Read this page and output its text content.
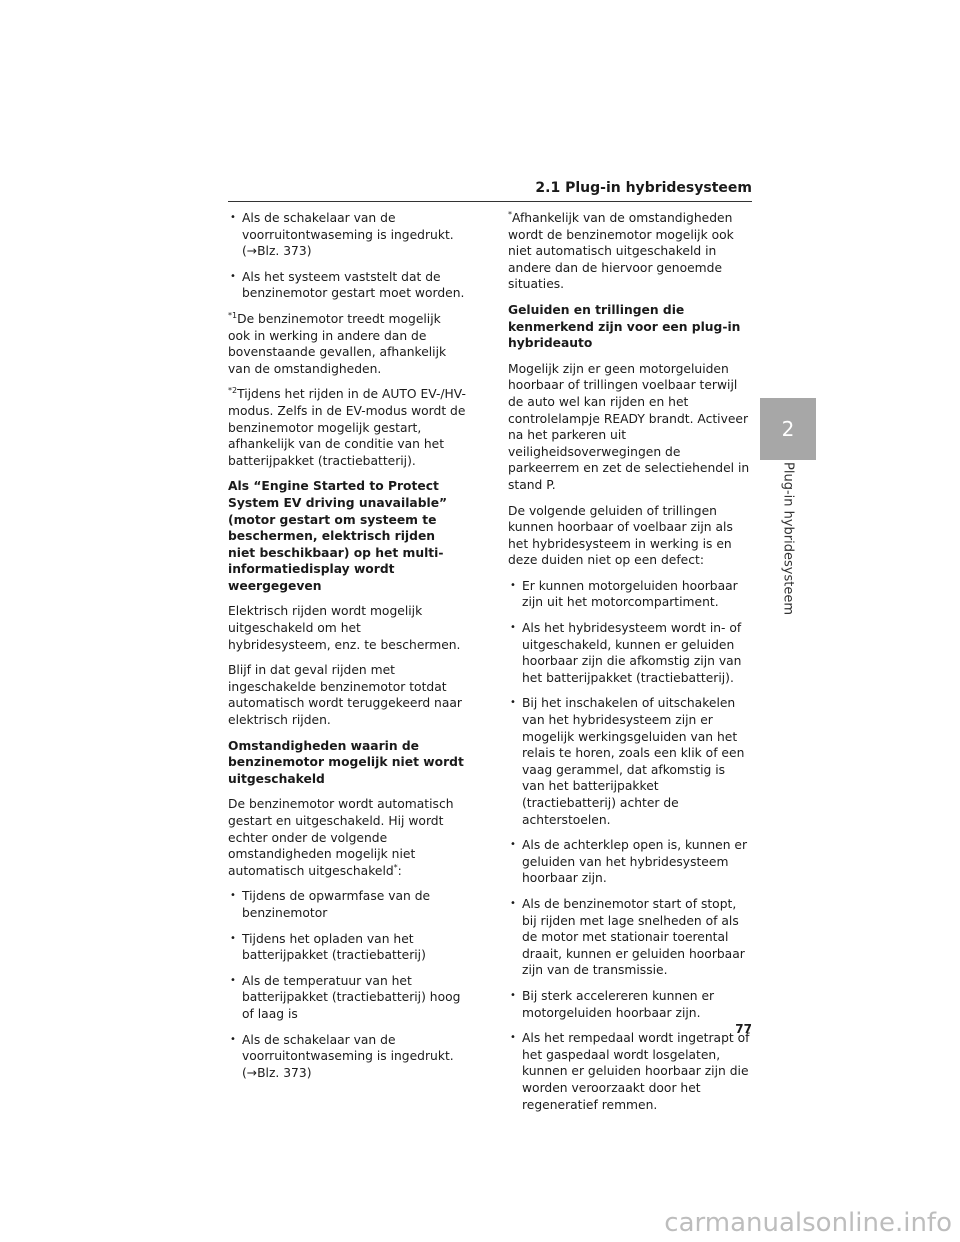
2.1 Plug-in hybridesysteem
• Als de schakelaar van de voorruitontwaseming is ingedrukt. (→Blz. 373)
• Als het systeem vaststelt dat de benzinemotor gestart moet worden.

$^{*1}$De benzinemotor treedt mogelijk ook in werking in andere dan de bovenstaande gevallen, afhankelijk van de omstandigheden.

$^{*2}$Tijdens het rijden in de AUTO EV-/HV-modus. Zelfs in de EV-modus wordt de benzinemotor mogelijk gestart, afhankelijk van de conditie van het batterijpakket (tractiebatterij).

Als “Engine Started to Protect System EV driving unavailable” (motor gestart om systeem te beschermen, elektrisch rijden niet beschikbaar) op het multi-informatiedisplay wordt weergegeven

Elektrisch rijden wordt mogelijk uitgeschakeld om het hybridesysteem, enz. te beschermen.

Blijf in dat geval rijden met ingeschakelde benzinemotor totdat automatisch wordt teruggekeerd naar elektrisch rijden.

Omstandigheden waarin de benzinemotor mogelijk niet wordt uitgeschakeld

De benzinemotor wordt automatisch gestart en uitgeschakeld. Hij wordt echter onder de volgende omstandigheden mogelijk niet automatisch uitgeschakeld*:

• Tijdens de opwarmfase van de benzinemotor
• Tijdens het opladen van het batterijpakket (tractiebatterij)
• Als de temperatuur van het batterijpakket (tractiebatterij) hoog of laag is
• Als de schakelaar van de voorruitontwaseming is ingedrukt. (→Blz. 373)

*Afhankelijk van de omstandigheden wordt de benzinemotor mogelijk ook niet automatisch uitgeschakeld in andere dan de hiervoor genoemde situaties.

Geluiden en trillingen die kenmerkend zijn voor een plug-in hybrideauto

Mogelijk zijn er geen motorgeluiden hoorbaar of trillingen voelbaar terwijl de auto wel kan rijden en het controlelampje READY brandt. Activeer na het parkeren uit veiligheidsoverwegingen de parkeerrem en zet de selectiehendel in stand P.

De volgende geluiden of trillingen kunnen hoorbaar of voelbaar zijn als het hybridesysteem in werking is en deze duiden niet op een defect:

• Er kunnen motorgeluiden hoorbaar zijn uit het motorcompartiment.
• Als het hybridesysteem wordt in- of uitgeschakeld, kunnen er geluiden hoorbaar zijn die afkomstig zijn van het batterijpakket (tractiebatterij).
• Bij het inschakelen of uitschakelen van het hybridesysteem zijn er mogelijk werkingsgeluiden van het relais te horen, zoals een klik of een vaag gerammel, dat afkomstig is van het batterijpakket (tractiebatterij) achter de achterstoelen.
• Als de achterklep open is, kunnen er geluiden van het hybridesysteem hoorbaar zijn.
• Als de benzinemotor start of stopt, bij rijden met lage snelheden of als de motor met stationair toerental draait, kunnen er geluiden hoorbaar zijn van de transmissie.
• Bij sterk accelereren kunnen er motorgeluiden hoorbaar zijn.
• Als het rempedaal wordt ingetrapt of het gaspedaal wordt losgelaten, kunnen er geluiden hoorbaar zijn die worden veroorzaakt door het regeneratief remmen.
2
Plug-in hybridesysteem
77
carmanualsonline.info
